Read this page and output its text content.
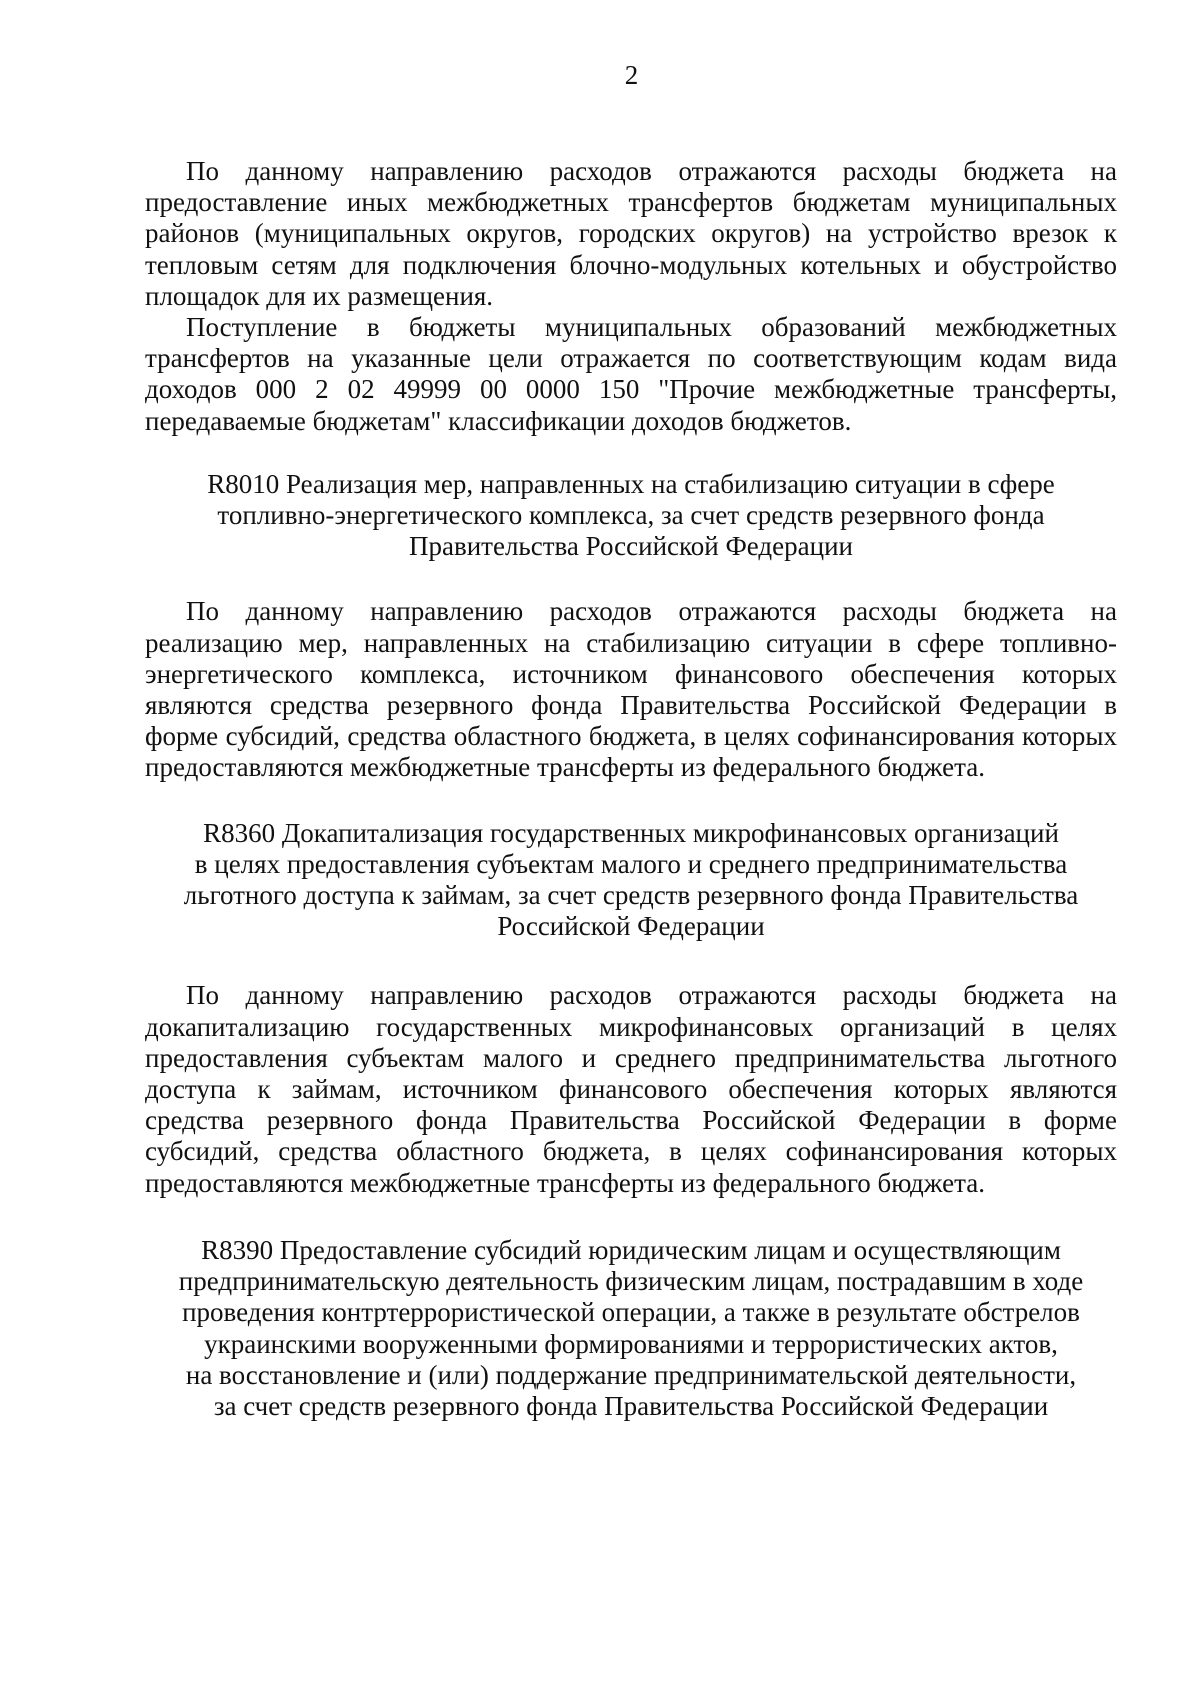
2

По данному направлению расходов отражаются расходы бюджета на предоставление иных межбюджетных трансфертов бюджетам муниципальных районов (муниципальных округов, городских округов) на устройство врезок к тепловым сетям для подключения блочно-модульных котельных и обустройство площадок для их размещения.

Поступление в бюджеты муниципальных образований межбюджетных трансфертов на указанные цели отражается по соответствующим кодам вида доходов 000 2 02 49999 00 0000 150 "Прочие межбюджетные трансферты, передаваемые бюджетам" классификации доходов бюджетов.

R8010 Реализация мер, направленных на стабилизацию ситуации в сфере
топливно-энергетического комплекса, за счет средств резервного фонда
Правительства Российской Федерации

По данному направлению расходов отражаются расходы бюджета на реализацию мер, направленных на стабилизацию ситуации в сфере топливно-энергетического комплекса, источником финансового обеспечения которых являются средства резервного фонда Правительства Российской Федерации в форме субсидий, средства областного бюджета, в целях софинансирования которых предоставляются межбюджетные трансферты из федерального бюджета.

R8360 Докапитализация государственных микрофинансовых организаций
в целях предоставления субъектам малого и среднего предпринимательства
льготного доступа к займам, за счет средств резервного фонда Правительства
Российской Федерации

По данному направлению расходов отражаются расходы бюджета на докапитализацию государственных микрофинансовых организаций в целях предоставления субъектам малого и среднего предпринимательства льготного доступа к займам, источником финансового обеспечения которых являются средства резервного фонда Правительства Российской Федерации в форме субсидий, средства областного бюджета, в целях софинансирования которых предоставляются межбюджетные трансферты из федерального бюджета.

R8390 Предоставление субсидий юридическим лицам и осуществляющим
предпринимательскую деятельность физическим лицам, пострадавшим в ходе
проведения контртеррористической операции, а также в результате обстрелов
украинскими вооруженными формированиями и террористических актов,
на восстановление и (или) поддержание предпринимательской деятельности,
за счет средств резервного фонда Правительства Российской Федерации
